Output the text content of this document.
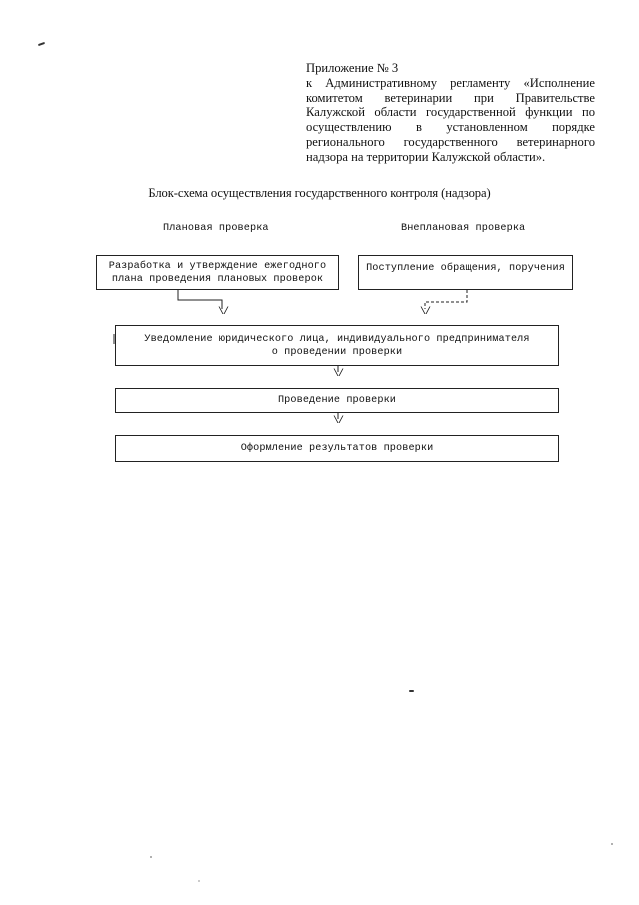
Приложение № 3
к Административному регламенту «Исполнение комитетом ветеринарии при Правительстве Калужской области государственной функции по осуществлению в установленном порядке регионального государственного ветеринарного надзора на территории Калужской области».
Блок-схема осуществления государственного контроля (надзора)
Плановая проверка	Внеплановая проверка
Разработка и утверждение ежегодного
плана проведения плановых проверок
Поступление обращения, поручения
\/	\/
Уведомление юридического лица, индивидуального предпринимателя
о проведении проверки
\/
Проведение проверки
\/
Оформление результатов проверки
